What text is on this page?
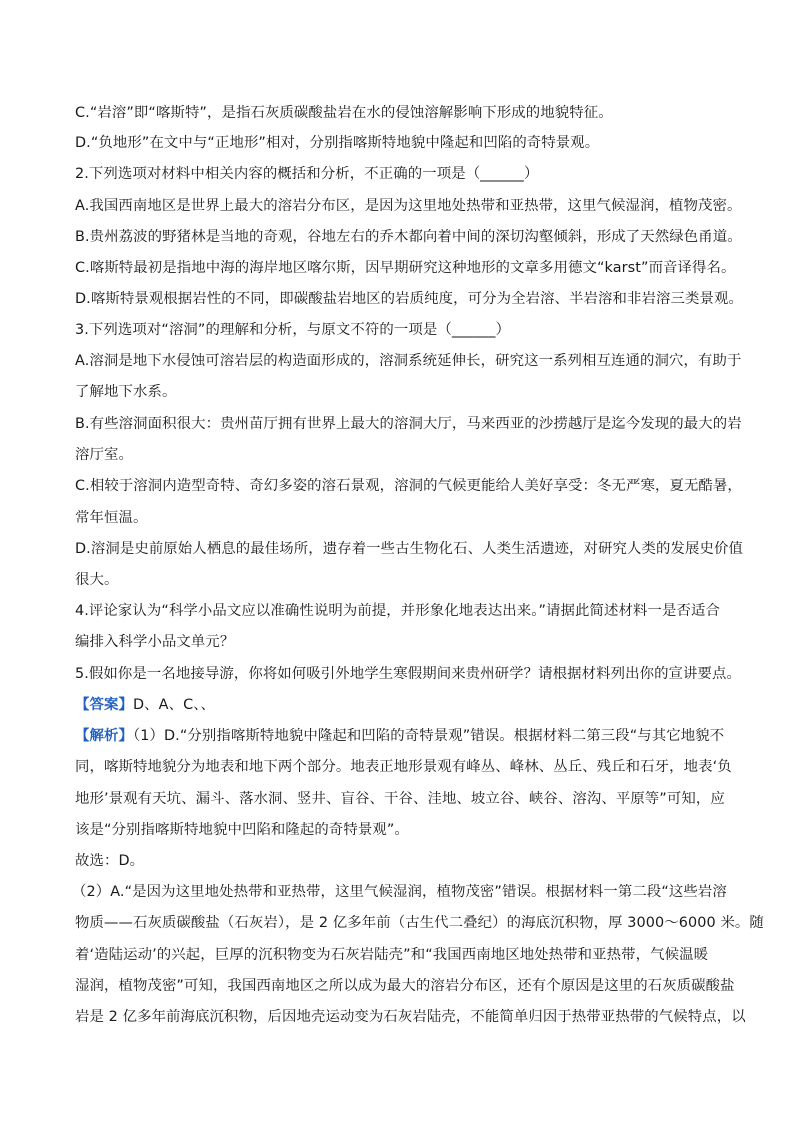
C.“岩溶”即“喀斯特”，是指石灰质碳酸盐岩在水的侵蚀溶解影响下形成的地貌特征。
D.“负地形”在文中与“正地形”相对，分别指喀斯特地貌中隆起和凹陷的奇特景观。
2.下列选项对材料中相关内容的概括和分析，不正确的一项是（______）
A.我国西南地区是世界上最大的溶岩分布区，是因为这里地处热带和亚热带，这里气候湿润，植物茂密。
B.贵州荔波的野猪林是当地的奇观，谷地左右的乔木都向着中间的深切沟壑倾斜，形成了天然绿色甬道。
C.喀斯特最初是指地中海的海岸地区喀尔斯，因早期研究这种地形的文章多用德文“karst”而音译得名。
D.喀斯特景观根据岩性的不同，即碳酸盐岩地区的岩质纯度，可分为全岩溶、半岩溶和非岩溶三类景观。
3.下列选项对“溶洞”的理解和分析，与原文不符的一项是（______）
A.溶洞是地下水侵蚀可溶岩层的构造面形成的，溶洞系统延伸长，研究这一系列相互连通的洞穴，有助于
了解地下水系。
B.有些溶洞面积很大：贵州苗厅拥有世界上最大的溶洞大厅，马来西亚的沙捞越厅是迄今发现的最大的岩
溶厅室。
C.相较于溶洞内造型奇特、奇幻多姿的溶石景观，溶洞的气候更能给人美好享受：冬无严寒，夏无酷暑，
常年恒温。
D.溶洞是史前原始人栖息的最佳场所，遗存着一些古生物化石、人类生活遗迹，对研究人类的发展史价值
很大。
4.评论家认为“科学小品文应以准确性说明为前提，并形象化地表达出来。”请据此简述材料一是否适合
编排入科学小品文单元？
5.假如你是一名地接导游，你将如何吸引外地学生寒假期间来贵州研学？请根据材料列出你的宣讲要点。
【答案】D、A、C、、
【解析】（1）D.“分别指喀斯特地貌中隆起和凹陷的奇特景观”错误。根据材料二第三段“与其它地貌不
同，喀斯特地貌分为地表和地下两个部分。地表正地形景观有峰丛、峰林、丛丘、残丘和石牙，地表‘负
地形’景观有天坑、漏斗、落水洞、竖井、盲谷、干谷、洼地、坡立谷、峡谷、溶沟、平原等”可知，应
该是“分别指喀斯特地貌中凹陷和隆起的奇特景观”。
故选：D。
（2）A.“是因为这里地处热带和亚热带，这里气候湿润，植物茂密”错误。根据材料一第二段“这些岩溶
物质——石灰质碳酸盐（石灰岩），是 2 亿多年前（古生代二叠纪）的海底沉积物，厚 3000～6000 米。随
着‘造陆运动’的兴起，巨厚的沉积物变为石灰岩陆壳”和“我国西南地区地处热带和亚热带，气候温暖
湿润，植物茂密”可知，我国西南地区之所以成为最大的溶岩分布区，还有个原因是这里的石灰质碳酸盐
岩是 2 亿多年前海底沉积物，后因地壳运动变为石灰岩陆壳，不能简单归因于热带亚热带的气候特点，以
